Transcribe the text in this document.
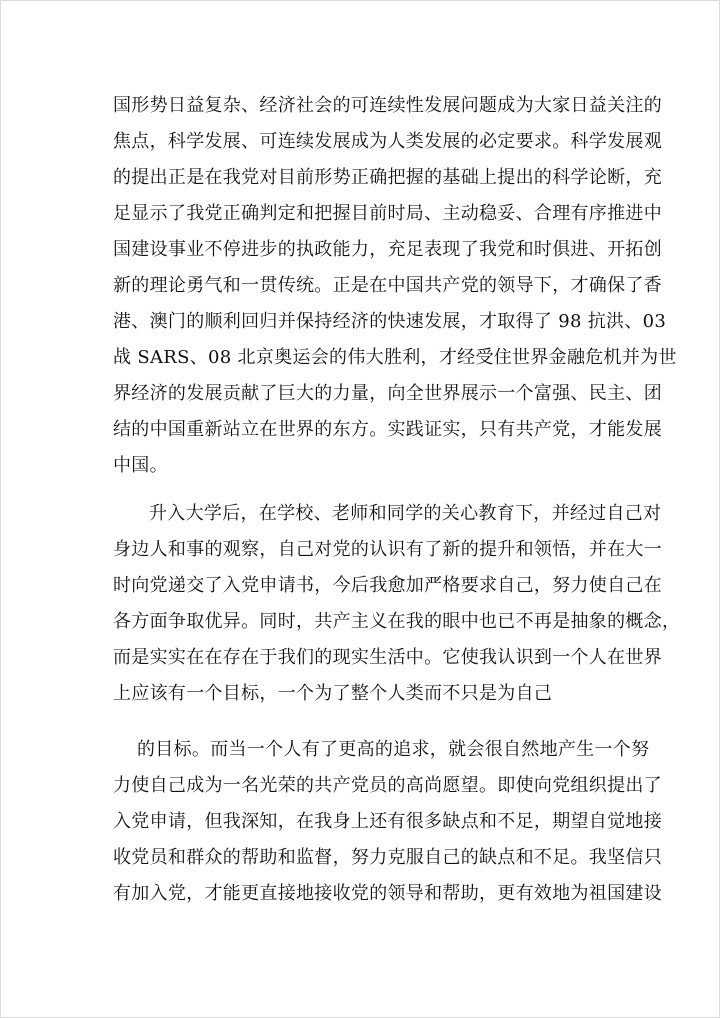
国形势日益复杂、经济社会的可连续性发展问题成为大家日益关注的
焦点，科学发展、可连续发展成为人类发展的必定要求。科学发展观
的提出正是在我党对目前形势正确把握的基础上提出的科学论断，充
足显示了我党正确判定和把握目前时局、主动稳妥、合理有序推进中
国建设事业不停进步的执政能力，充足表现了我党和时俱进、开拓创
新的理论勇气和一贯传统。正是在中国共产党的领导下，才确保了香
港、澳门的顺利回归并保持经济的快速发展，才取得了 98 抗洪、03
战 SARS、08 北京奥运会的伟大胜利，才经受住世界金融危机并为世
界经济的发展贡献了巨大的力量，向全世界展示一个富强、民主、团
结的中国重新站立在世界的东方。实践证实，只有共产党，才能发展
中国。
升入大学后，在学校、老师和同学的关心教育下，并经过自己对
身边人和事的观察，自己对党的认识有了新的提升和领悟，并在大一
时向党递交了入党申请书，今后我愈加严格要求自己，努力使自己在
各方面争取优异。同时，共产主义在我的眼中也已不再是抽象的概念，
而是实实在在存在于我们的现实生活中。它使我认识到一个人在世界
上应该有一个目标，一个为了整个人类而不只是为自己
的目标。而当一个人有了更高的追求，就会很自然地产生一个努
力使自己成为一名光荣的共产党员的高尚愿望。即使向党组织提出了
入党申请，但我深知，在我身上还有很多缺点和不足，期望自觉地接
收党员和群众的帮助和监督，努力克服自己的缺点和不足。我坚信只
有加入党，才能更直接地接收党的领导和帮助，更有效地为祖国建设
